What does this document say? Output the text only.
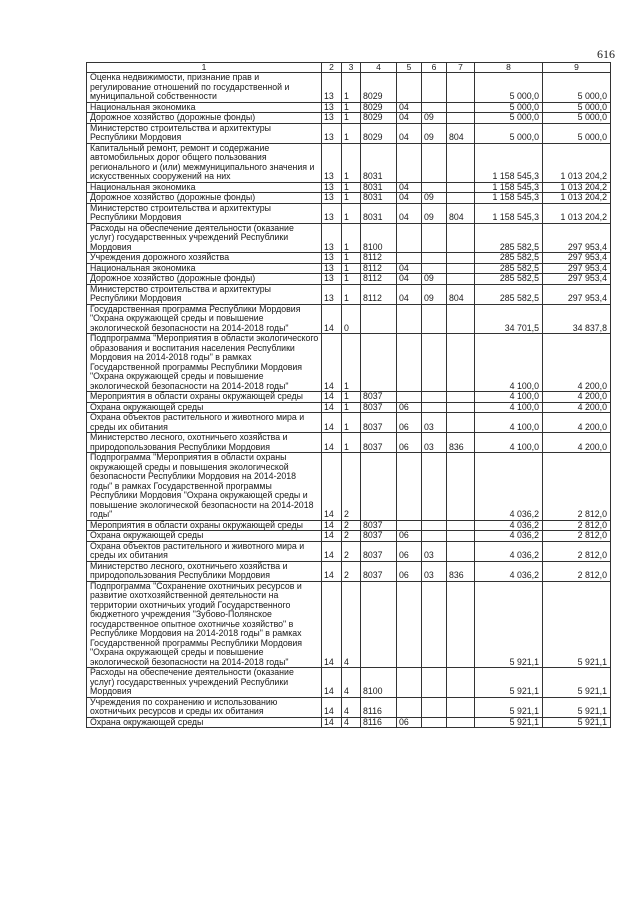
616
1	2	3	4	5	6	7	8	9
Оценка недвижимости, признание прав и регулирование отношений по государственной и муниципальной собственности	13	1	8029				5 000,0	5 000,0
Национальная экономика	13	1	8029	04			5 000,0	5 000,0
Дорожное хозяйство (дорожные фонды)	13	1	8029	04	09		5 000,0	5 000,0
Министерство строительства и архитектуры Республики Мордовия	13	1	8029	04	09	804	5 000,0	5 000,0
Капитальный ремонт, ремонт и содержание автомобильных дорог общего пользования регионального и (или) межмуниципального значения и искусственных сооружений на них	13	1	8031				1 158 545,3	1 013 204,2
Национальная экономика	13	1	8031	04			1 158 545,3	1 013 204,2
Дорожное хозяйство (дорожные фонды)	13	1	8031	04	09		1 158 545,3	1 013 204,2
Министерство строительства и архитектуры Республики Мордовия	13	1	8031	04	09	804	1 158 545,3	1 013 204,2
Расходы на обеспечение деятельности (оказание услуг) государственных учреждений Республики Мордовия	13	1	8100				285 582,5	297 953,4
Учреждения дорожного хозяйства	13	1	8112				285 582,5	297 953,4
Национальная экономика	13	1	8112	04			285 582,5	297 953,4
Дорожное хозяйство (дорожные фонды)	13	1	8112	04	09		285 582,5	297 953,4
Министерство строительства и архитектуры Республики Мордовия	13	1	8112	04	09	804	285 582,5	297 953,4
Государственная программа Республики Мордовия "Охрана окружающей среды и повышение экологической безопасности на 2014-2018 годы"	14	0					34 701,5	34 837,8
Подпрограмма "Мероприятия в области экологического образования и воспитания населения Республики Мордовия на 2014-2018 годы" в рамках Государственной программы Республики Мордовия "Охрана окружающей среды и повышение экологической безопасности на 2014-2018 годы"	14	1					4 100,0	4 200,0
Мероприятия в области охраны окружающей среды	14	1	8037				4 100,0	4 200,0
Охрана окружающей среды	14	1	8037	06			4 100,0	4 200,0
Охрана объектов растительного и животного мира и среды их обитания	14	1	8037	06	03		4 100,0	4 200,0
Министерство лесного, охотничьего хозяйства и природопользования Республики Мордовия	14	1	8037	06	03	836	4 100,0	4 200,0
Подпрограмма "Мероприятия в области охраны окружающей среды и повышения экологической безопасности Республики Мордовия на 2014-2018 годы" в рамках Государственной программы Республики Мордовия "Охрана окружающей среды и повышение экологической безопасности на 2014-2018 годы"	14	2					4 036,2	2 812,0
Мероприятия в области охраны окружающей среды	14	2	8037				4 036,2	2 812,0
Охрана окружающей среды	14	2	8037	06			4 036,2	2 812,0
Охрана объектов растительного и животного мира и среды их обитания	14	2	8037	06	03		4 036,2	2 812,0
Министерство лесного, охотничьего хозяйства и природопользования Республики Мордовия	14	2	8037	06	03	836	4 036,2	2 812,0
Подпрограмма "Сохранение охотничьих ресурсов и развитие охотхозяйственной деятельности на территории охотничьих угодий Государственного бюджетного учреждения "Зубово-Полянское государственное опытное охотничье хозяйство" в Республике Мордовия на 2014-2018 годы" в рамках Государственной программы Республики Мордовия "Охрана окружающей среды и повышение экологической безопасности на 2014-2018 годы"	14	4					5 921,1	5 921,1
Расходы на обеспечение деятельности (оказание услуг) государственных учреждений Республики Мордовия	14	4	8100				5 921,1	5 921,1
Учреждения по сохранению и использованию охотничьих ресурсов и среды их обитания	14	4	8116				5 921,1	5 921,1
Охрана окружающей среды	14	4	8116	06			5 921,1	5 921,1
